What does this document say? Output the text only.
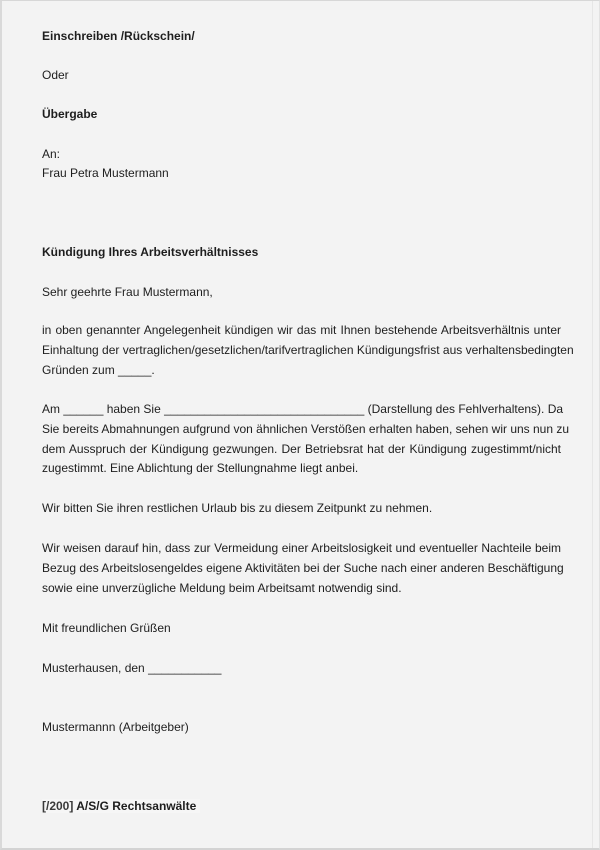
Einschreiben /Rückschein/
Oder
Übergabe
An:
Frau Petra Mustermann
Kündigung Ihres Arbeitsverhältnisses
Sehr geehrte Frau Mustermann,
in oben genannter Angelegenheit kündigen wir das mit Ihnen bestehende Arbeitsverhältnis unter
Einhaltung der vertraglichen/gesetzlichen/tarifvertraglichen Kündigungsfrist aus verhaltensbedingten
Gründen zum _____.
Am ______ haben Sie ______________________________ (Darstellung des Fehlverhaltens). Da
Sie bereits Abmahnungen aufgrund von ähnlichen Verstößen erhalten haben, sehen wir uns nun zu
dem Ausspruch der Kündigung gezwungen. Der Betriebsrat hat der Kündigung zugestimmt/nicht
zugestimmt. Eine Ablichtung der Stellungnahme liegt anbei.
Wir bitten Sie ihren restlichen Urlaub bis zu diesem Zeitpunkt zu nehmen.
Wir weisen darauf hin, dass zur Vermeidung einer Arbeitslosigkeit und eventueller Nachteile beim
Bezug des Arbeitslosengeldes eigene Aktivitäten bei der Suche nach einer anderen Beschäftigung
sowie eine unverzügliche Meldung beim Arbeitsamt notwendig sind.
Mit freundlichen Grüßen
Musterhausen, den ___________
Mustermannn (Arbeitgeber)
[/200] A/S/G Rechtsanwälte
